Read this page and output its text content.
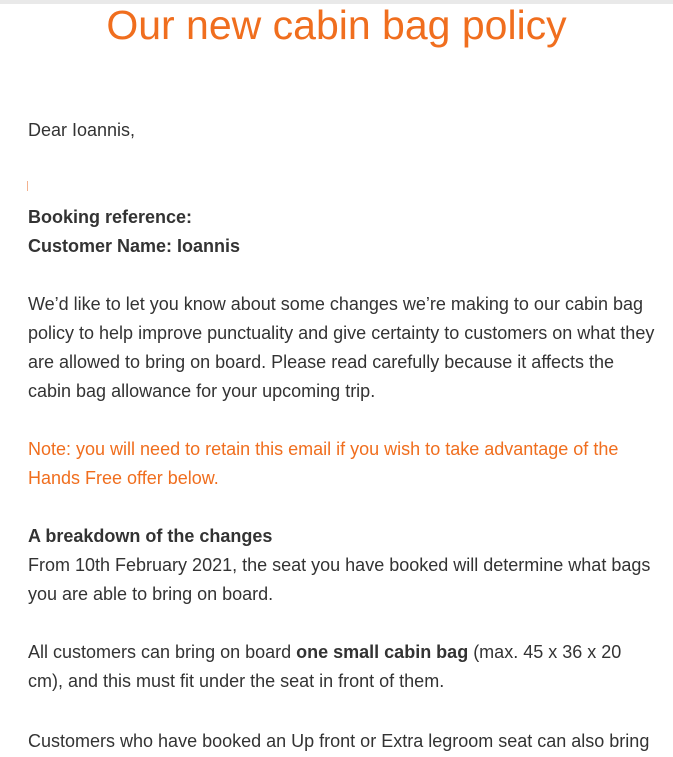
Our new cabin bag policy
Dear Ioannis,
Booking reference:
Customer Name: Ioannis
We’d like to let you know about some changes we’re making to our cabin bag policy to help improve punctuality and give certainty to customers on what they are allowed to bring on board. Please read carefully because it affects the cabin bag allowance for your upcoming trip.
Note: you will need to retain this email if you wish to take advantage of the Hands Free offer below.
A breakdown of the changes
From 10th February 2021, the seat you have booked will determine what bags you are able to bring on board.
All customers can bring on board one small cabin bag (max. 45 x 36 x 20 cm), and this must fit under the seat in front of them.
Customers who have booked an Up front or Extra legroom seat can also bring
